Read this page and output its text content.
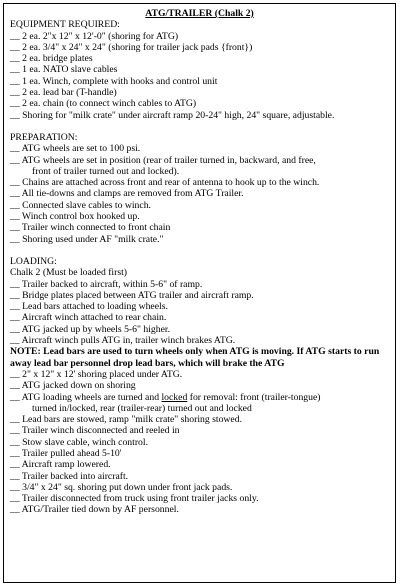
ATG/TRAILER (Chalk 2)
EQUIPMENT REQUIRED:
__ 2 ea. 2"x 12" x 12'-0" (shoring for ATG)
__ 2 ea. 3/4" x 24" x 24" (shoring for trailer jack pads {front})
__ 2 ea. bridge plates
__ 1 ea. NATO slave cables
__ 1 ea. Winch, complete with hooks and control unit
__ 2 ea. lead bar (T-handle)
__ 2 ea. chain (to connect winch cables to ATG)
__ Shoring for "milk crate" under aircraft ramp 20-24" high, 24" square, adjustable.
PREPARATION:
__ ATG wheels are set to 100 psi.
__ ATG wheels are set in position (rear of trailer turned in, backward, and free,
front of trailer turned out and locked).
__ Chains are attached across front and rear of antenna to hook up to the winch.
__ All tie-downs and clamps are removed from ATG Trailer.
__ Connected slave cables to winch.
__ Winch control box hooked up.
__ Trailer winch connected to front chain
__ Shoring used under AF "milk crate."
LOADING:
Chalk 2 (Must be loaded first)
__ Trailer backed to aircraft, within 5-6" of ramp.
__ Bridge plates placed between ATG trailer and aircraft ramp.
__ Lead bars attached to loading wheels.
__ Aircraft winch attached to rear chain.
__ ATG jacked up by wheels 5-6" higher.
__ Aircraft winch pulls ATG in, trailer winch brakes ATG.
NOTE: Lead bars are used to turn wheels only when ATG is moving. If ATG starts to run away lead bar personnel drop lead bars, which will brake the ATG
__ 2" x 12" x 12' shoring placed under ATG.
__ ATG jacked down on shoring
__ ATG loading wheels are turned and locked for removal: front (trailer-tongue)
turned in/locked, rear (trailer-rear) turned out and locked
__ Lead bars are stowed, ramp "milk crate" shoring stowed.
__ Trailer winch disconnected and reeled in
__ Stow slave cable, winch control.
__ Trailer pulled ahead 5-10'
__ Aircraft ramp lowered.
__ Trailer backed into aircraft.
__ 3/4" x 24" sq. shoring put down under front jack pads.
__ Trailer disconnected from truck using front trailer jacks only.
__ ATG/Trailer tied down by AF personnel.
